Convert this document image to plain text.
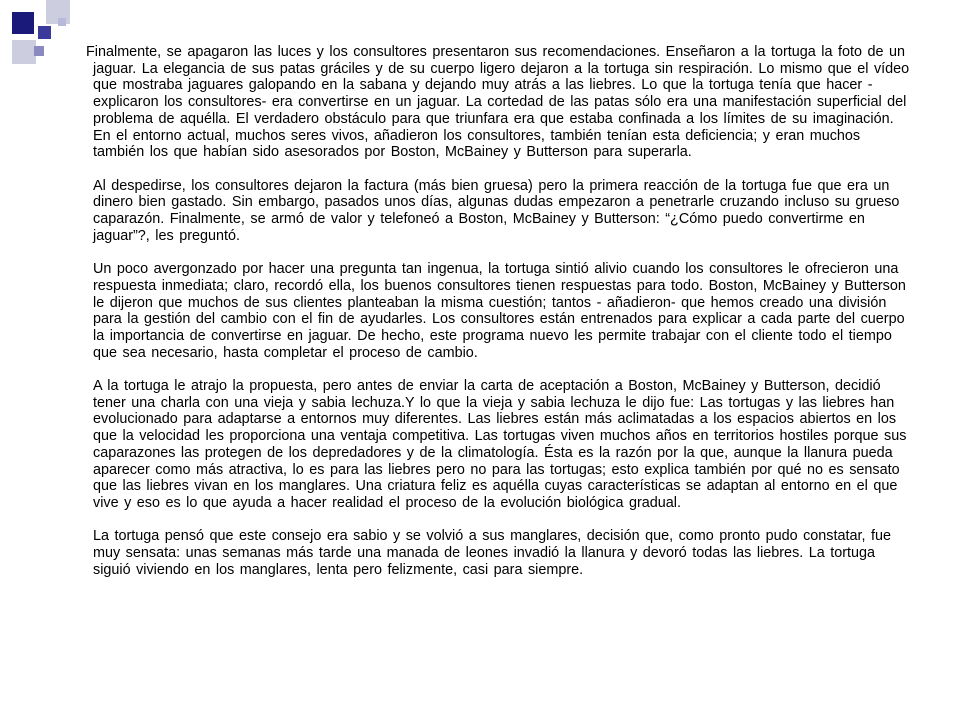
Finalmente, se apagaron las luces y los consultores presentaron sus recomendaciones. Enseñaron a la tortuga la foto de un jaguar. La elegancia de sus patas gráciles y de su cuerpo ligero dejaron a la tortuga sin respiración. Lo mismo que el vídeo que mostraba jaguares galopando en la sabana y dejando muy atrás a las liebres. Lo que la tortuga tenía que hacer -explicaron los consultores- era convertirse en un jaguar. La cortedad de las patas sólo era una manifestación superficial del problema de aquélla. El verdadero obstáculo para que triunfara era que estaba confinada a los límites de su imaginación. En el entorno actual, muchos seres vivos, añadieron los consultores, también tenían esta deficiencia; y eran muchos también los que habían sido asesorados por Boston, McBainey y Butterson para superarla.

Al despedirse, los consultores dejaron la factura (más bien gruesa) pero la primera reacción de la tortuga fue que era un dinero bien gastado. Sin embargo, pasados unos días, algunas dudas empezaron a penetrarle cruzando incluso su grueso caparazón. Finalmente, se armó de valor y telefoneó a Boston, McBainey y Butterson: “¿Cómo puedo convertirme en jaguar”?, les preguntó.

Un poco avergonzado por hacer una pregunta tan ingenua, la tortuga sintió alivio cuando los consultores le ofrecieron una respuesta inmediata; claro, recordó ella, los buenos consultores tienen respuestas para todo. Boston, McBainey y Butterson le dijeron que muchos de sus clientes planteaban la misma cuestión; tantos - añadieron- que hemos creado una división para la gestión del cambio con el fin de ayudarles. Los consultores están entrenados para explicar a cada parte del cuerpo la importancia de convertirse en jaguar. De hecho, este programa nuevo les permite trabajar con el cliente todo el tiempo que sea necesario, hasta completar el proceso de cambio.

A la tortuga le atrajo la propuesta, pero antes de enviar la carta de aceptación a Boston, McBainey y Butterson, decidió tener una charla con una vieja y sabia lechuza.Y lo que la vieja y sabia lechuza le dijo fue: Las tortugas y las liebres han evolucionado para adaptarse a entornos muy diferentes. Las liebres están más aclimatadas a los espacios abiertos en los que la velocidad les proporciona una ventaja competitiva. Las tortugas viven muchos años en territorios hostiles porque sus caparazones las protegen de los depredadores y de la climatología. Ésta es la razón por la que, aunque la llanura pueda aparecer como más atractiva, lo es para las liebres pero no para las tortugas; esto explica también por qué no es sensato que las liebres vivan en los manglares. Una criatura feliz es aquélla cuyas características se adaptan al entorno en el que vive y eso es lo que ayuda a hacer realidad el proceso de la evolución biológica gradual.

La tortuga pensó que este consejo era sabio y se volvió a sus manglares, decisión que, como pronto pudo constatar, fue muy sensata: unas semanas más tarde una manada de leones invadió la llanura y devoró todas las liebres. La tortuga siguió viviendo en los manglares, lenta pero felizmente, casi para siempre.
